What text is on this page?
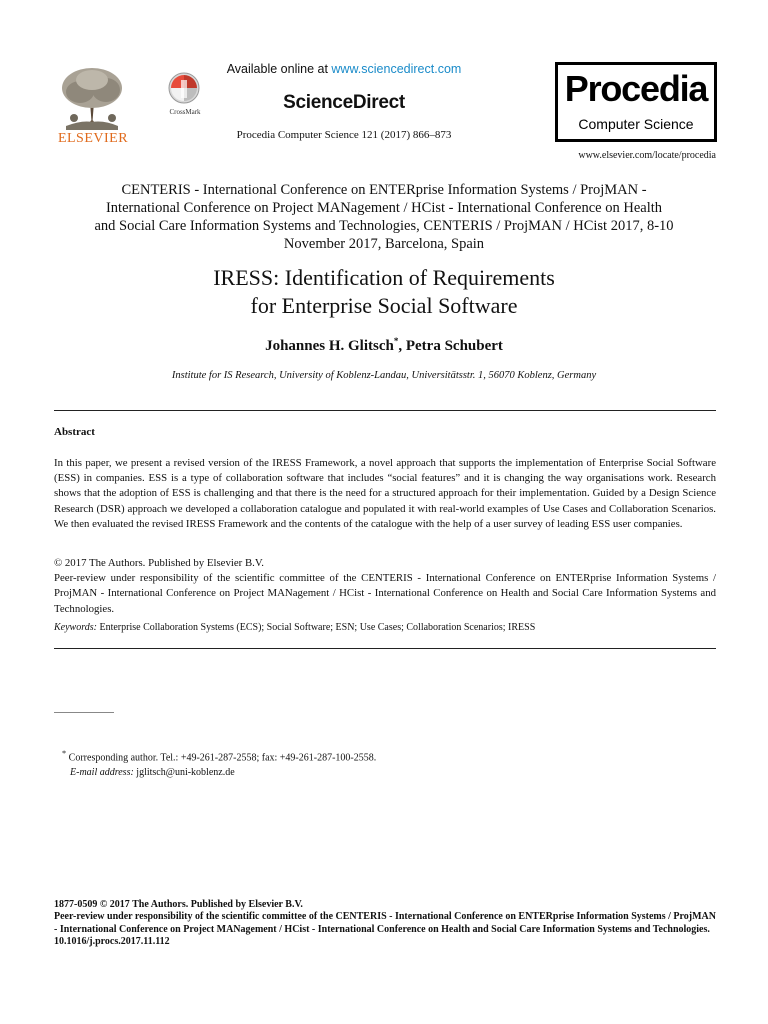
ELSEVIER
CrossMark
Available online at www.sciencedirect.com
ScienceDirect
Procedia Computer Science 121 (2017) 866–873
Procedia
Computer Science
www.elsevier.com/locate/procedia
CENTERIS - International Conference on ENTERprise Information Systems / ProjMAN -
International Conference on Project MANagement / HCist - International Conference on Health
and Social Care Information Systems and Technologies, CENTERIS / ProjMAN / HCist 2017, 8-10
November 2017, Barcelona, Spain
IRESS: Identification of Requirements
for Enterprise Social Software
Johannes H. Glitsch*, Petra Schubert
Institute for IS Research, University of Koblenz-Landau, Universitätsstr. 1, 56070 Koblenz, Germany
Abstract
In this paper, we present a revised version of the IRESS Framework, a novel approach that supports the implementation of Enterprise Social Software (ESS) in companies. ESS is a type of collaboration software that includes “social features” and it is changing the way organisations work. Research shows that the adoption of ESS is challenging and that there is the need for a structured approach for their implementation. Guided by a Design Science Research (DSR) approach we developed a collaboration catalogue and populated it with real-world examples of Use Cases and Collaboration Scenarios. We then evaluated the revised IRESS Framework and the contents of the catalogue with the help of a user survey of leading ESS user companies.
© 2017 The Authors. Published by Elsevier B.V.
Peer-review under responsibility of the scientific committee of the CENTERIS - International Conference on ENTERprise Information Systems / ProjMAN - International Conference on Project MANagement / HCist - International Conference on Health and Social Care Information Systems and Technologies.
Keywords: Enterprise Collaboration Systems (ECS); Social Software; ESN; Use Cases; Collaboration Scenarios; IRESS
* Corresponding author. Tel.: +49-261-287-2558; fax: +49-261-287-100-2558.
E-mail address: jglitsch@uni-koblenz.de
1877-0509 © 2017 The Authors. Published by Elsevier B.V.
Peer-review under responsibility of the scientific committee of the CENTERIS - International Conference on ENTERprise Information Systems / ProjMAN - International Conference on Project MANagement / HCist - International Conference on Health and Social Care Information Systems and Technologies.
10.1016/j.procs.2017.11.112
